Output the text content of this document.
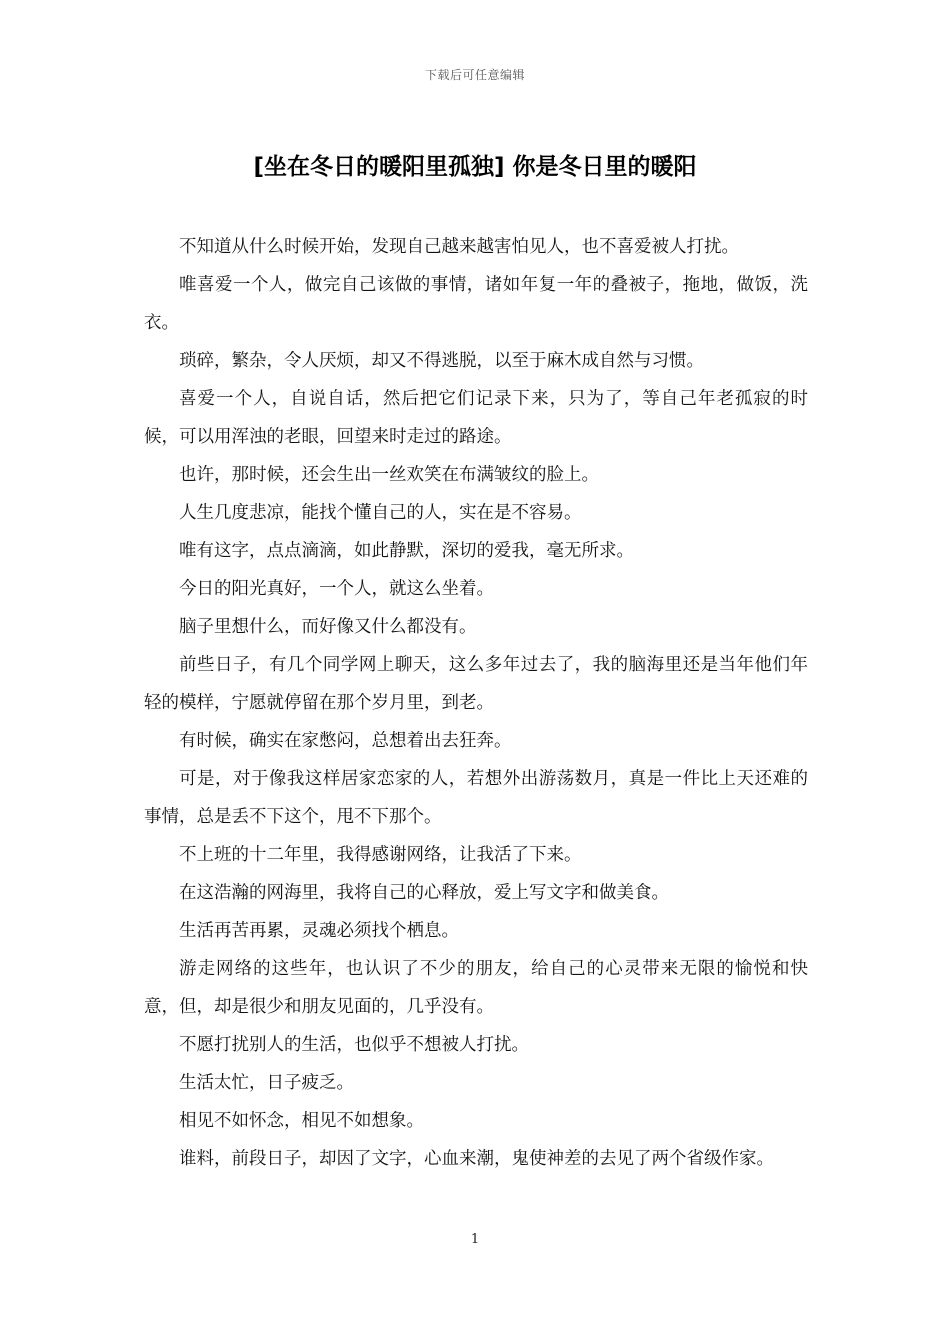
下载后可任意编辑
[坐在冬日的暖阳里孤独] 你是冬日里的暖阳

不知道从什么时候开始，发现自己越来越害怕见人，也不喜爱被人打扰。

唯喜爱一个人，做完自己该做的事情，诸如年复一年的叠被子，拖地，做饭，洗衣。

琐碎，繁杂，令人厌烦，却又不得逃脱，以至于麻木成自然与习惯。

喜爱一个人，自说自话，然后把它们记录下来，只为了，等自己年老孤寂的时候，可以用浑浊的老眼，回望来时走过的路途。

也许，那时候，还会生出一丝欢笑在布满皱纹的脸上。

人生几度悲凉，能找个懂自己的人，实在是不容易。

唯有这字，点点滴滴，如此静默，深切的爱我，毫无所求。

今日的阳光真好，一个人，就这么坐着。

脑子里想什么，而好像又什么都没有。

前些日子，有几个同学网上聊天，这么多年过去了，我的脑海里还是当年他们年轻的模样，宁愿就停留在那个岁月里，到老。

有时候，确实在家憋闷，总想着出去狂奔。

可是，对于像我这样居家恋家的人，若想外出游荡数月，真是一件比上天还难的事情，总是丢不下这个，甩不下那个。

不上班的十二年里，我得感谢网络，让我活了下来。

在这浩瀚的网海里，我将自己的心释放，爱上写文字和做美食。

生活再苦再累，灵魂必须找个栖息。

游走网络的这些年，也认识了不少的朋友，给自己的心灵带来无限的愉悦和快意，但，却是很少和朋友见面的，几乎没有。

不愿打扰别人的生活，也似乎不想被人打扰。

生活太忙，日子疲乏。

相见不如怀念，相见不如想象。

谁料，前段日子，却因了文字，心血来潮，鬼使神差的去见了两个省级作家。

1
